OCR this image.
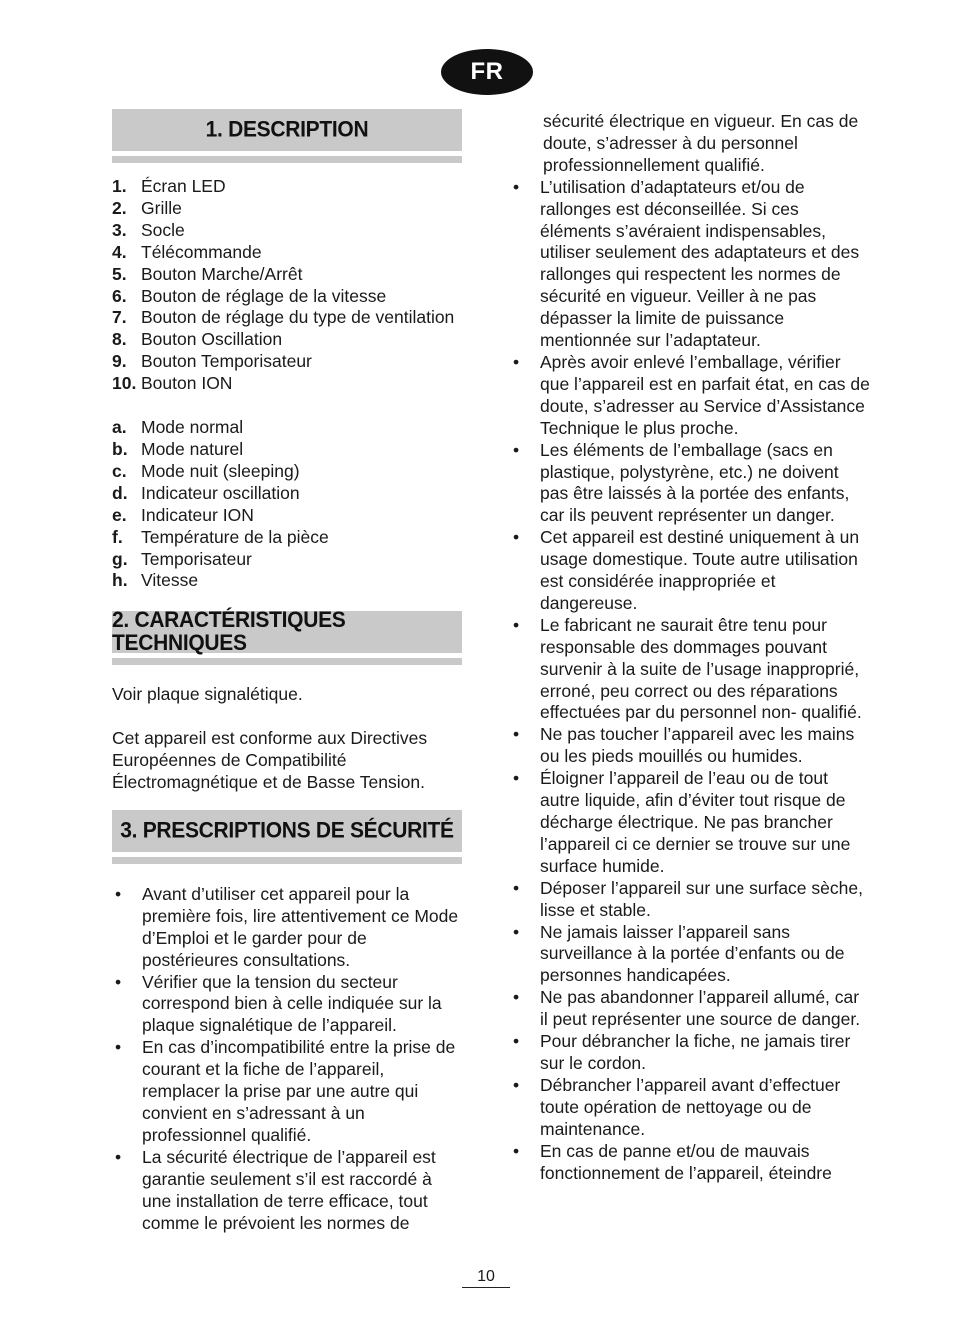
FR
1. DESCRIPTION
1. Écran LED
2. Grille
3. Socle
4. Télécommande
5. Bouton Marche/Arrêt
6. Bouton de réglage de la vitesse
7. Bouton de réglage du type de ventilation
8. Bouton Oscillation
9. Bouton Temporisateur
10. Bouton ION
a. Mode normal
b. Mode naturel
c. Mode nuit (sleeping)
d. Indicateur oscillation
e. Indicateur ION
f.	Température de la pièce
g. Temporisateur
h. Vitesse
2. CARACTÉRISTIQUES TECHNIQUES

Voir plaque signalétique.

Cet appareil est conforme aux Directives Européennes de Compatibilité Électromagnétique et de Basse Tension.

3. PRESCRIPTIONS DE SÉCURITÉ
•	Avant d’utiliser cet appareil pour la première fois, lire attentivement ce Mode d’Emploi et le garder pour de postérieures consultations.
•	Vérifier que la tension du secteur correspond bien à celle indiquée sur la plaque signalétique de l’appareil.
•	En cas d’incompatibilité entre la prise de courant et la fiche de l’appareil, remplacer la prise par une autre qui convient en s’adressant à un professionnel qualifié.
•	La sécurité électrique de l’appareil est garantie seulement s’il est raccordé à une installation de terre efficace, tout comme le prévoient les normes de
sécurité électrique en vigueur. En cas de doute, s’adresser à du personnel professionnellement qualifié.
•	L’utilisation d’adaptateurs et/ou de rallonges est déconseillée. Si ces éléments s’avéraient indispensables, utiliser seulement des adaptateurs et des rallonges qui respectent les normes de sécurité en vigueur. Veiller à ne pas dépasser la limite de puissance mentionnée sur l’adaptateur.
•	Après avoir enlevé l’emballage, vérifier que l’appareil est en parfait état, en cas de doute, s’adresser au Service d’Assistance Technique le plus proche.
•	Les éléments de l’emballage (sacs en plastique, polystyrène, etc.) ne doivent pas être laissés à la portée des enfants, car ils peuvent représenter un danger.
•	Cet appareil est destiné uniquement à un usage domestique. Toute autre utilisation est considérée inappropriée et dangereuse.
•	Le fabricant ne saurait être tenu pour responsable des dommages pouvant survenir à la suite de l’usage inapproprié, erroné, peu correct ou des réparations effectuées par du personnel non- qualifié.
•	Ne pas toucher l’appareil avec les mains ou les pieds mouillés ou humides.
•	Éloigner l’appareil de l’eau ou de tout autre liquide, afin d’éviter tout risque de décharge électrique. Ne pas brancher l’appareil ci ce dernier se trouve sur une surface humide.
•	Déposer l’appareil sur une surface sèche, lisse et stable.
•	Ne jamais laisser l’appareil sans surveillance à la portée d’enfants ou de personnes handicapées.
•	Ne pas abandonner l’appareil allumé, car il peut représenter une source de danger.
•	Pour débrancher la fiche, ne jamais tirer sur le cordon.
•	Débrancher l’appareil avant d’effectuer toute opération de nettoyage ou de maintenance.
•	En cas de panne et/ou de mauvais fonctionnement de l’appareil, éteindre
10
